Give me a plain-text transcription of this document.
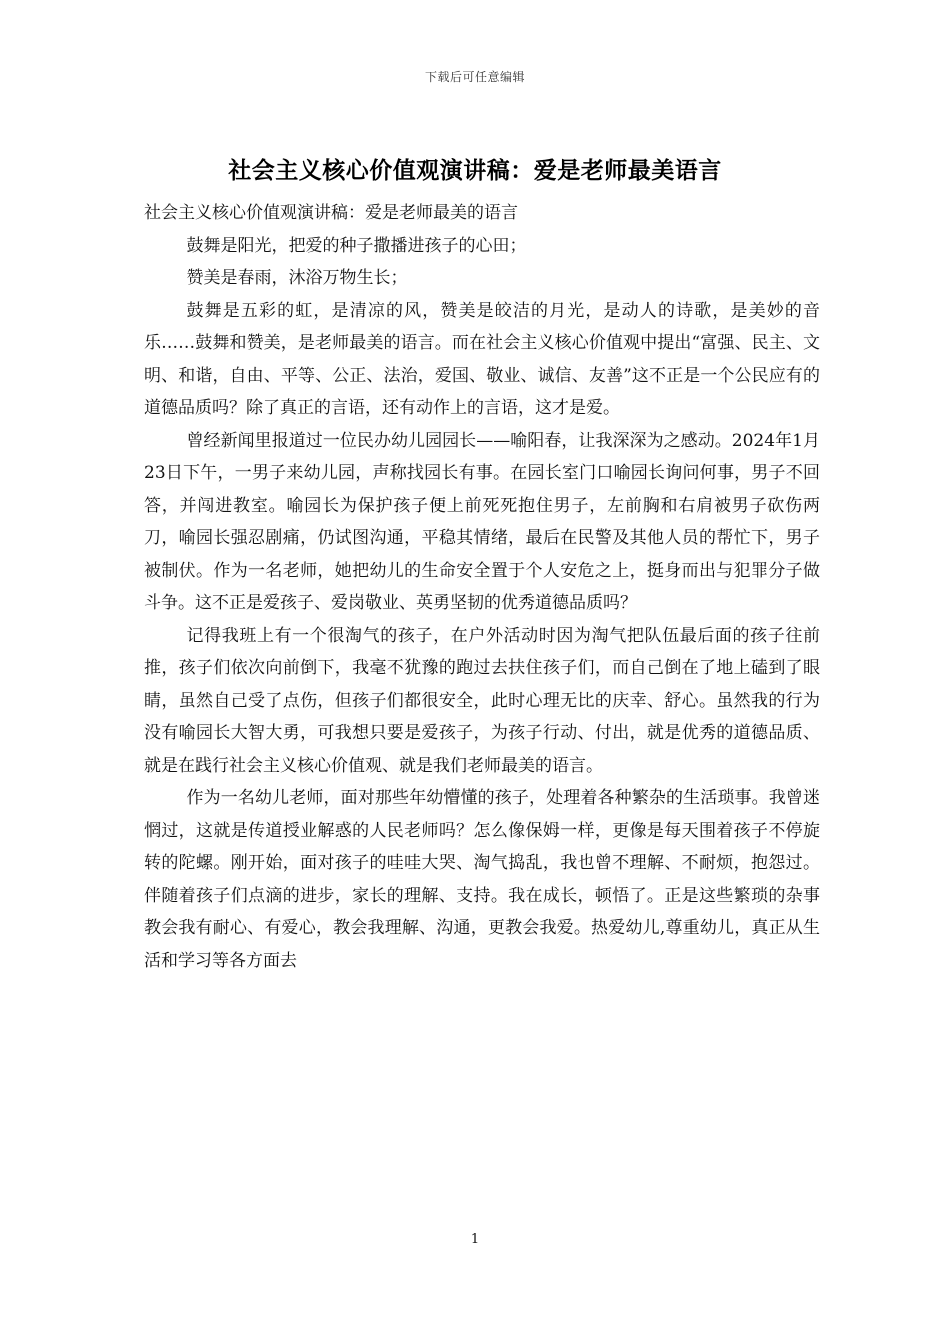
下载后可任意编辑
社会主义核心价值观演讲稿：爱是老师最美语言

社会主义核心价值观演讲稿：爱是老师最美的语言

鼓舞是阳光，把爱的种子撒播进孩子的心田；

赞美是春雨，沐浴万物生长；

鼓舞是五彩的虹，是清凉的风，赞美是皎洁的月光，是动人的诗歌，是美妙的音乐……鼓舞和赞美，是老师最美的语言。而在社会主义核心价值观中提出“富强、民主、文明、和谐，自由、平等、公正、法治，爱国、敬业、诚信、友善”这不正是一个公民应有的道德品质吗？除了真正的言语，还有动作上的言语，这才是爱。

曾经新闻里报道过一位民办幼儿园园长——喻阳春，让我深深为之感动。2024年1月23日下午，一男子来幼儿园，声称找园长有事。在园长室门口喻园长询问何事，男子不回答，并闯进教室。喻园长为保护孩子便上前死死抱住男子，左前胸和右肩被男子砍伤两刀，喻园长强忍剧痛，仍试图沟通，平稳其情绪，最后在民警及其他人员的帮忙下，男子被制伏。作为一名老师，她把幼儿的生命安全置于个人安危之上，挺身而出与犯罪分子做斗争。这不正是爱孩子、爱岗敬业、英勇坚韧的优秀道德品质吗？

记得我班上有一个很淘气的孩子，在户外活动时因为淘气把队伍最后面的孩子往前推，孩子们依次向前倒下，我毫不犹豫的跑过去扶住孩子们，而自己倒在了地上磕到了眼睛，虽然自己受了点伤，但孩子们都很安全，此时心理无比的庆幸、舒心。虽然我的行为没有喻园长大智大勇，可我想只要是爱孩子，为孩子行动、付出，就是优秀的道德品质、就是在践行社会主义核心价值观、就是我们老师最美的语言。

作为一名幼儿老师，面对那些年幼懵懂的孩子，处理着各种繁杂的生活琐事。我曾迷惘过，这就是传道授业解惑的人民老师吗？怎么像保姆一样，更像是每天围着孩子不停旋转的陀螺。刚开始，面对孩子的哇哇大哭、淘气捣乱，我也曾不理解、不耐烦，抱怨过。伴随着孩子们点滴的进步，家长的理解、支持。我在成长，顿悟了。正是这些繁琐的杂事教会我有耐心、有爱心，教会我理解、沟通，更教会我爱。热爱幼儿,尊重幼儿，真正从生活和学习等各方面去

1
